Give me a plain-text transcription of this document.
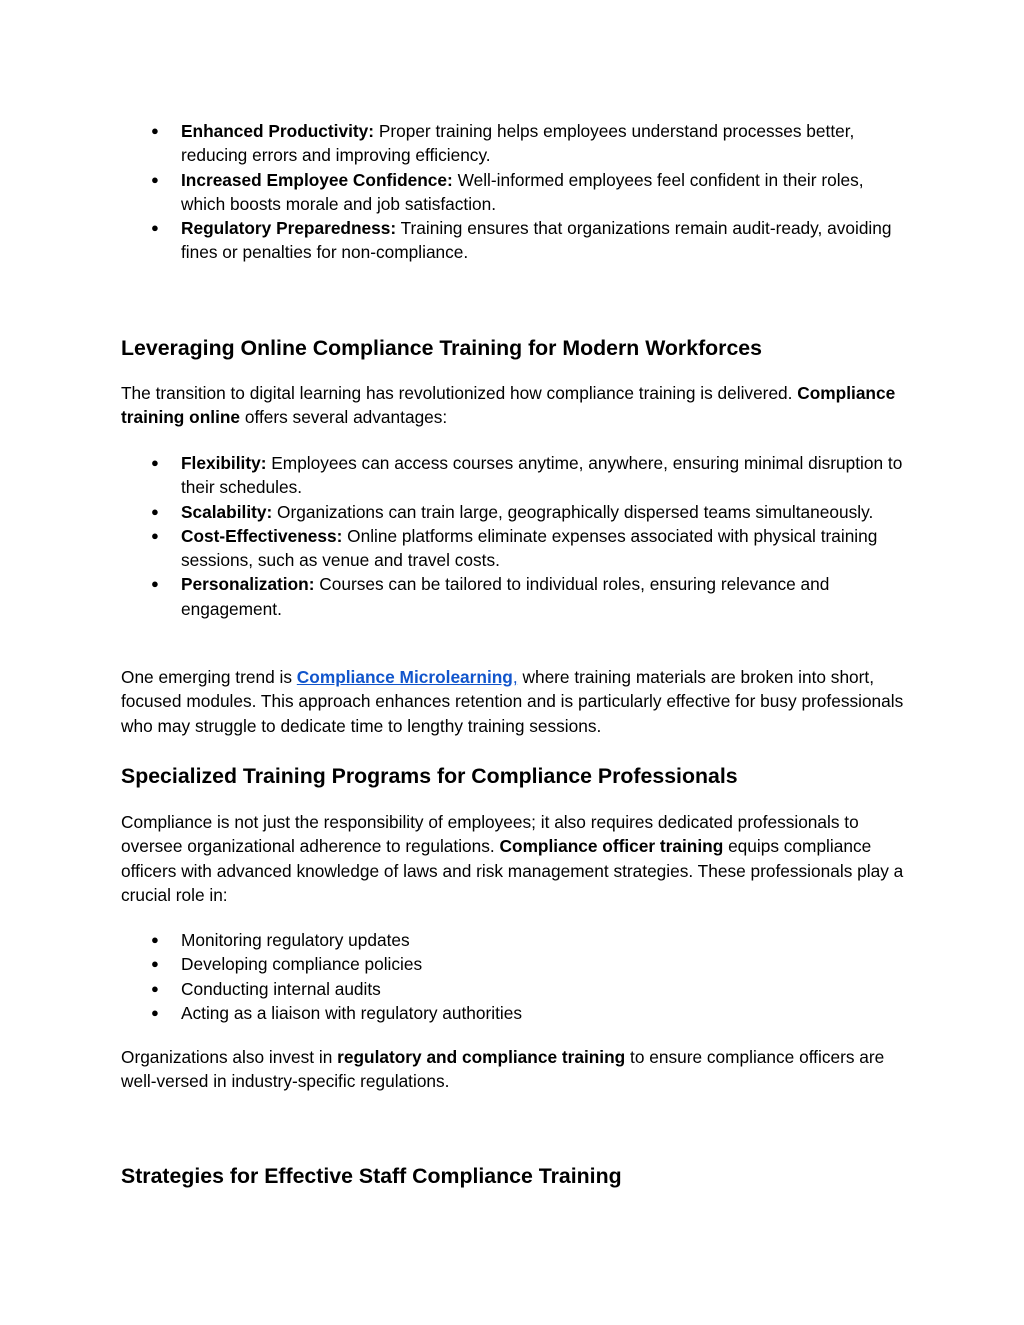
● Enhanced Productivity: Proper training helps employees understand processes better, reducing errors and improving efficiency.
● Increased Employee Confidence: Well-informed employees feel confident in their roles, which boosts morale and job satisfaction.
● Regulatory Preparedness: Training ensures that organizations remain audit-ready, avoiding fines or penalties for non-compliance.
Leveraging Online Compliance Training for Modern Workforces

The transition to digital learning has revolutionized how compliance training is delivered. Compliance training online offers several advantages:

● Flexibility: Employees can access courses anytime, anywhere, ensuring minimal disruption to their schedules.
● Scalability: Organizations can train large, geographically dispersed teams simultaneously.
● Cost-Effectiveness: Online platforms eliminate expenses associated with physical training sessions, such as venue and travel costs.
● Personalization: Courses can be tailored to individual roles, ensuring relevance and engagement.

One emerging trend is Compliance Microlearning, where training materials are broken into short, focused modules. This approach enhances retention and is particularly effective for busy professionals who may struggle to dedicate time to lengthy training sessions.

Specialized Training Programs for Compliance Professionals

Compliance is not just the responsibility of employees; it also requires dedicated professionals to oversee organizational adherence to regulations. Compliance officer training equips compliance officers with advanced knowledge of laws and risk management strategies. These professionals play a crucial role in:

● Monitoring regulatory updates
● Developing compliance policies
● Conducting internal audits
● Acting as a liaison with regulatory authorities

Organizations also invest in regulatory and compliance training to ensure compliance officers are well-versed in industry-specific regulations.

Strategies for Effective Staff Compliance Training
